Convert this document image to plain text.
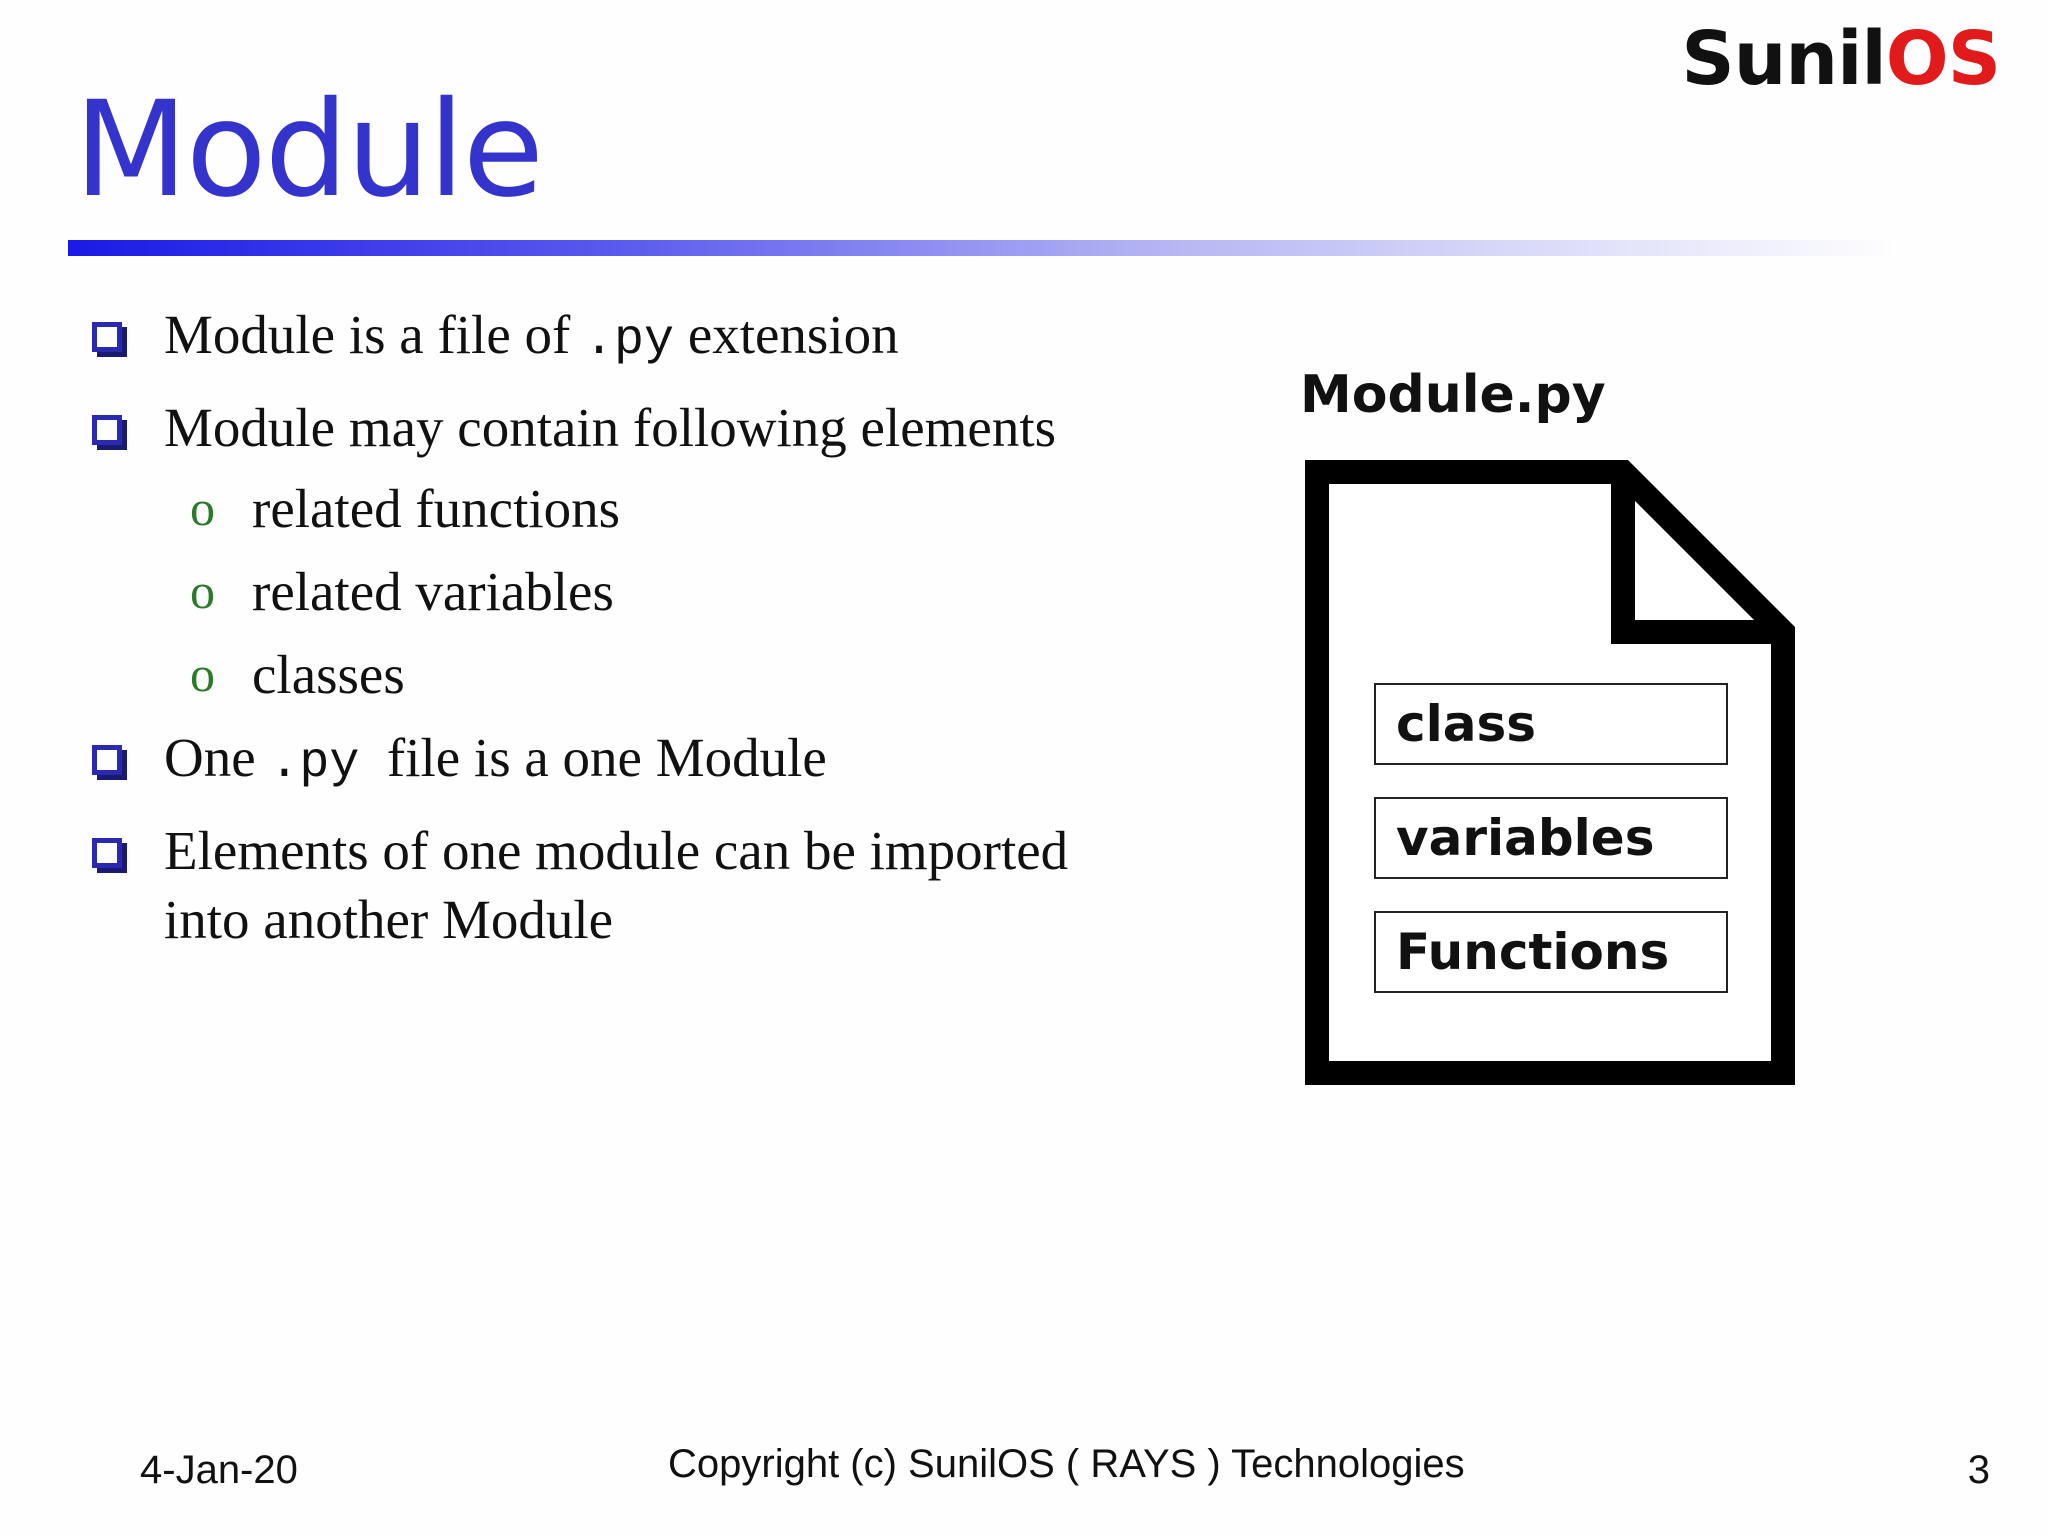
SunilOS
Module
Module is a file of .py extension
Module may contain following elements
o related functions
o related variables
o classes
One .py  file is a one Module
Elements of one module can be imported into another Module
Module.py
class
variables
Functions
4-Jan-20	Copyright (c) SunilOS ( RAYS ) Technologies	3
